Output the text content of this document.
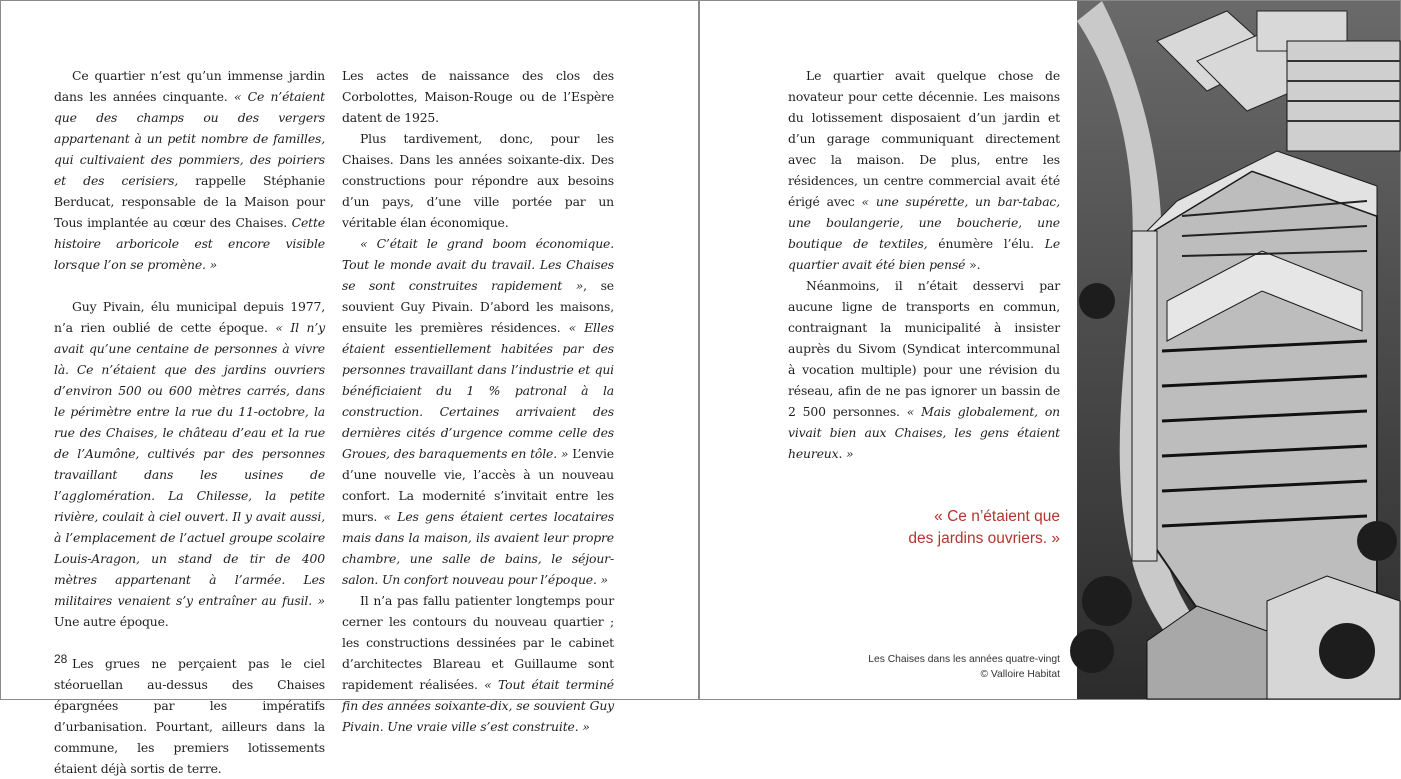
Ce quartier n’est qu’un immense jardin dans les années cinquante. « Ce n’étaient que des champs ou des vergers appartenant à un petit nombre de familles, qui cultivaient des pommiers, des poiriers et des cerisiers, rappelle Stéphanie Berducat, responsable de la Maison pour Tous implantée au cœur des Chaises. Cette histoire arboricole est encore visible lorsque l’on se promène. »

Guy Pivain, élu municipal depuis 1977, n’a rien oublié de cette époque. « Il n’y avait qu’une centaine de personnes à vivre là. Ce n’étaient que des jardins ouvriers d’environ 500 ou 600 mètres carrés, dans le périmètre entre la rue du 11-octobre, la rue des Chaises, le château d’eau et la rue de l’Aumône, cultivés par des personnes travaillant dans les usines de l’agglomération. La Chilesse, la petite rivière, coulait à ciel ouvert. Il y avait aussi, à l’emplacement de l’actuel groupe scolaire Louis-Aragon, un stand de tir de 400 mètres appartenant à l’armée. Les militaires venaient s’y entraîner au fusil. » Une autre époque.

Les grues ne perçaient pas le ciel stéoruellan au-dessus des Chaises épargnées par les impératifs d’urbanisation. Pourtant, ailleurs dans la commune, les premiers lotissements étaient déjà sortis de terre.

Les actes de naissance des clos des Corbolottes, Maison-Rouge ou de l’Espère datent de 1925.

Plus tardivement, donc, pour les Chaises. Dans les années soixante-dix. Des constructions pour répondre aux besoins d’un pays, d’une ville portée par un véritable élan économique.

« C’était le grand boom économique. Tout le monde avait du travail. Les Chaises se sont construites rapidement », se souvient Guy Pivain. D’abord les maisons, ensuite les premières résidences. « Elles étaient essentiellement habitées par des personnes travaillant dans l’industrie et qui bénéficiaient du 1 % patronal à la construction. Certaines arrivaient des dernières cités d’urgence comme celle des Groues, des baraquements en tôle. » L’envie d’une nouvelle vie, l’accès à un nouveau confort. La modernité s’invitait entre les murs. « Les gens étaient certes locataires mais dans la maison, ils avaient leur propre chambre, une salle de bains, le séjour-salon. Un confort nouveau pour l’époque. »

Il n’a pas fallu patienter longtemps pour cerner les contours du nouveau quartier ; les constructions dessinées par le cabinet d’architectes Blareau et Guillaume sont rapidement réalisées. « Tout était terminé fin des années soixante-dix, se souvient Guy Pivain. Une vraie ville s’est construite. »

28

Le quartier avait quelque chose de novateur pour cette décennie. Les maisons du lotissement disposaient d’un jardin et d’un garage communiquant directement avec la maison. De plus, entre les résidences, un centre commercial avait été érigé avec « une supérette, un bar-tabac, une boulangerie, une boucherie, une boutique de textiles, énumère l’élu. Le quartier avait été bien pensé ».

Néanmoins, il n’était desservi par aucune ligne de transports en commun, contraignant la municipalité à insister auprès du Sivom (Syndicat intercommunal à vocation multiple) pour une révision du réseau, afin de ne pas ignorer un bassin de 2 500 personnes. « Mais globalement, on vivait bien aux Chaises, les gens étaient heureux. »

« Ce n’étaient que
des jardins ouvriers. »
Les Chaises dans les années quatre-vingt
© Valloire Habitat
